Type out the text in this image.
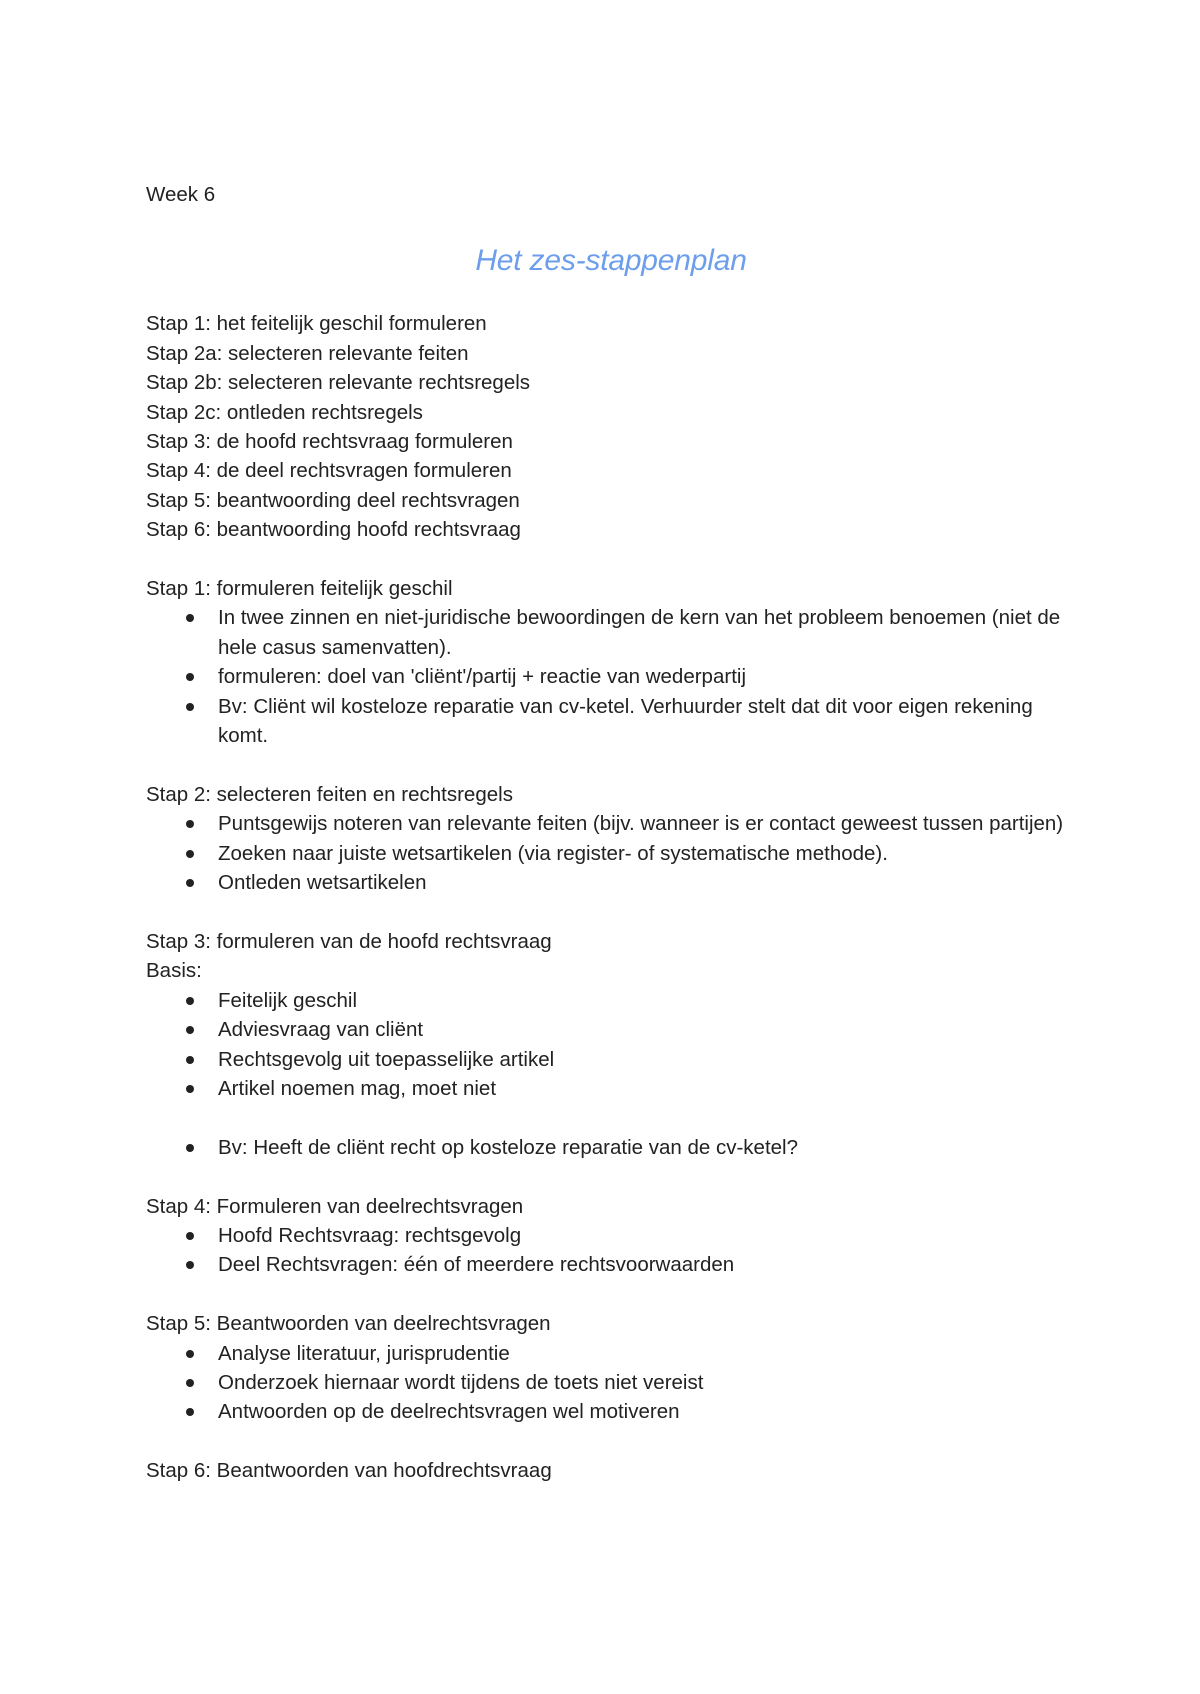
Week 6
Het zes-stappenplan
Stap 1: het feitelijk geschil formuleren
Stap 2a: selecteren relevante feiten
Stap 2b: selecteren relevante rechtsregels
Stap 2c: ontleden rechtsregels
Stap 3: de hoofd rechtsvraag formuleren
Stap 4: de deel rechtsvragen formuleren
Stap 5: beantwoording deel rechtsvragen
Stap 6: beantwoording hoofd rechtsvraag
Stap 1: formuleren feitelijk geschil
In twee zinnen en niet-juridische bewoordingen de kern van het probleem benoemen (niet de hele casus samenvatten).
formuleren: doel van 'cliënt'/partij + reactie van wederpartij
Bv: Cliënt wil kosteloze reparatie van cv-ketel. Verhuurder stelt dat dit voor eigen rekening komt.
Stap 2: selecteren feiten en rechtsregels
Puntsgewijs noteren van relevante feiten (bijv. wanneer is er contact geweest tussen partijen)
Zoeken naar juiste wetsartikelen (via register- of systematische methode).
Ontleden wetsartikelen
Stap 3: formuleren van de hoofd rechtsvraag
Basis:
Feitelijk geschil
Adviesvraag van cliënt
Rechtsgevolg uit toepasselijke artikel
Artikel noemen mag, moet niet
Bv: Heeft de cliënt recht op kosteloze reparatie van de cv-ketel?
Stap 4: Formuleren van deelrechtsvragen
Hoofd Rechtsvraag: rechtsgevolg
Deel Rechtsvragen: één of meerdere rechtsvoorwaarden
Stap 5: Beantwoorden van deelrechtsvragen
Analyse literatuur, jurisprudentie
Onderzoek hiernaar wordt tijdens de toets niet vereist
Antwoorden op de deelrechtsvragen wel motiveren
Stap 6: Beantwoorden van hoofdrechtsvraag
